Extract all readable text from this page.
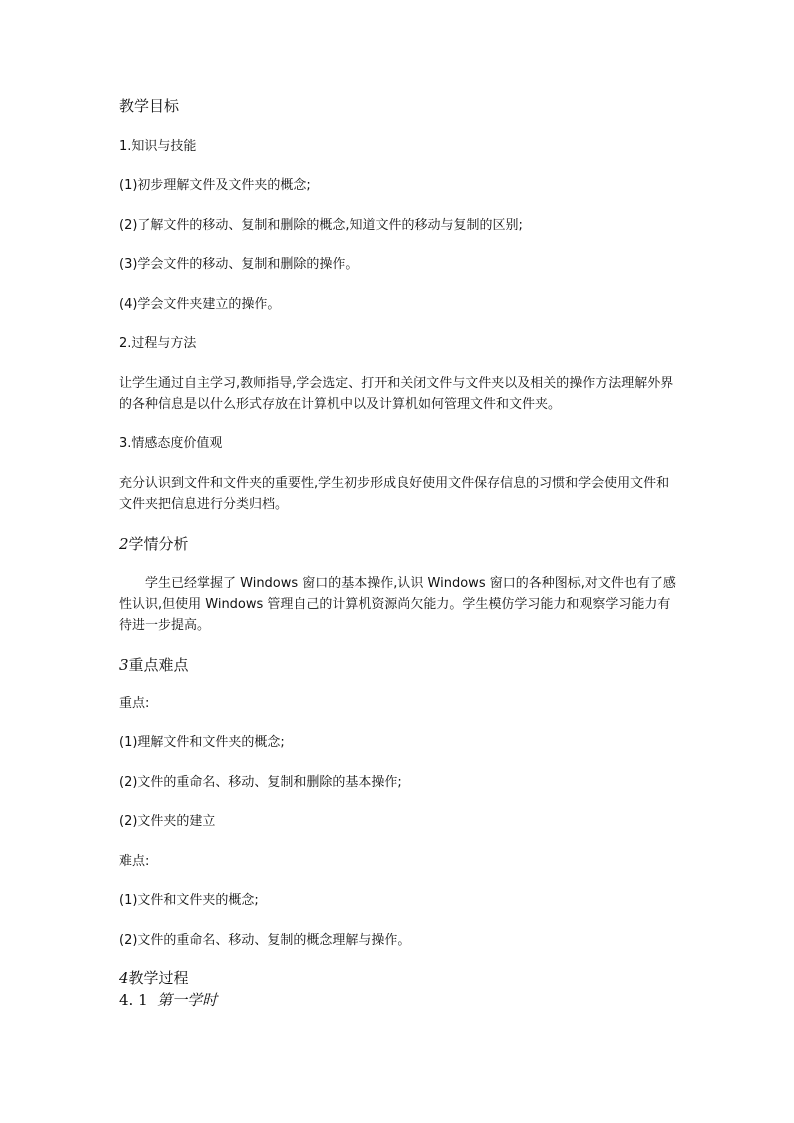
教学目标
1.知识与技能
(1)初步理解文件及文件夹的概念;
(2)了解文件的移动、复制和删除的概念,知道文件的移动与复制的区别;
(3)学会文件的移动、复制和删除的操作。
(4)学会文件夹建立的操作。
2.过程与方法
让学生通过自主学习,教师指导,学会选定、打开和关闭文件与文件夹以及相关的操作方法理解外界的各种信息是以什么形式存放在计算机中以及计算机如何管理文件和文件夹。
3.情感态度价值观
充分认识到文件和文件夹的重要性,学生初步形成良好使用文件保存信息的习惯和学会使用文件和文件夹把信息进行分类归档。
2学情分析
学生已经掌握了 Windows 窗口的基本操作,认识 Windows 窗口的各种图标,对文件也有了感性认识,但使用 Windows 管理自己的计算机资源尚欠能力。学生模仿学习能力和观察学习能力有待进一步提高。
3重点难点
重点:
(1)理解文件和文件夹的概念;
(2)文件的重命名、移动、复制和删除的基本操作;
(2)文件夹的建立
难点:
(1)文件和文件夹的概念;
(2)文件的重命名、移动、复制的概念理解与操作。
4教学过程
4. 1 第一学时
